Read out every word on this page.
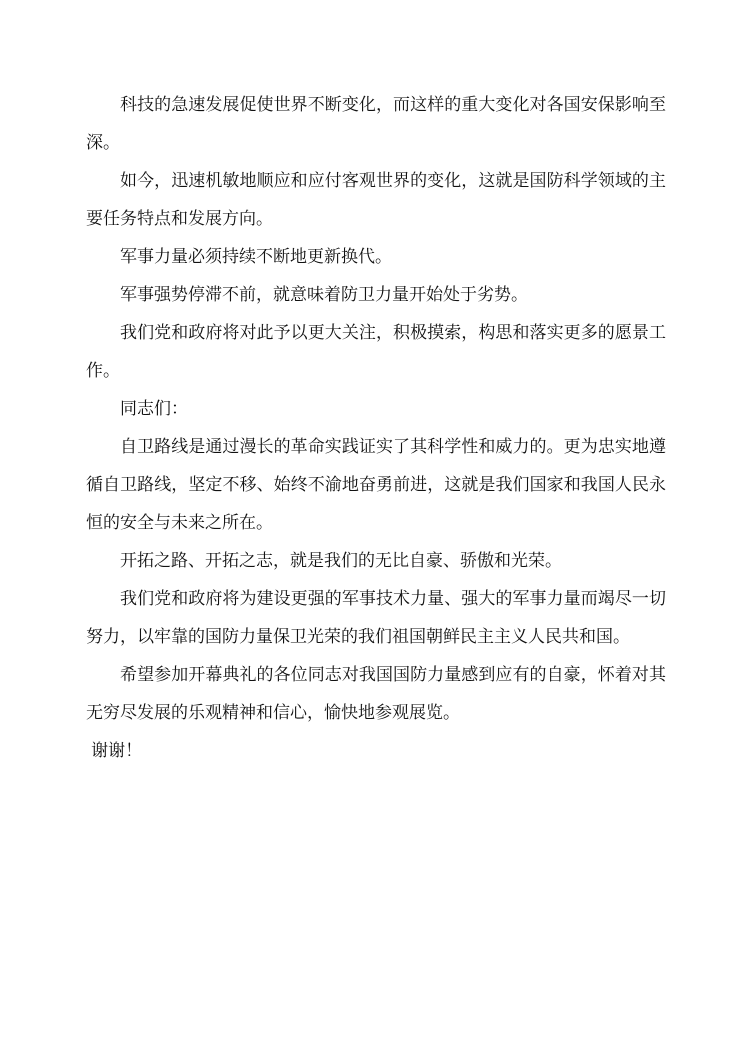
科技的急速发展促使世界不断变化，而这样的重大变化对各国安保影响至深。

如今，迅速机敏地顺应和应付客观世界的变化，这就是国防科学领域的主要任务特点和发展方向。

军事力量必须持续不断地更新换代。

军事强势停滞不前，就意味着防卫力量开始处于劣势。

我们党和政府将对此予以更大关注，积极摸索，构思和落实更多的愿景工作。

同志们：

自卫路线是通过漫长的革命实践证实了其科学性和威力的。更为忠实地遵循自卫路线，坚定不移、始终不渝地奋勇前进，这就是我们国家和我国人民永恒的安全与未来之所在。

开拓之路、开拓之志，就是我们的无比自豪、骄傲和光荣。

我们党和政府将为建设更强的军事技术力量、强大的军事力量而竭尽一切努力，以牢靠的国防力量保卫光荣的我们祖国朝鲜民主主义人民共和国。

希望参加开幕典礼的各位同志对我国国防力量感到应有的自豪，怀着对其无穷尽发展的乐观精神和信心，愉快地参观展览。

谢谢！
